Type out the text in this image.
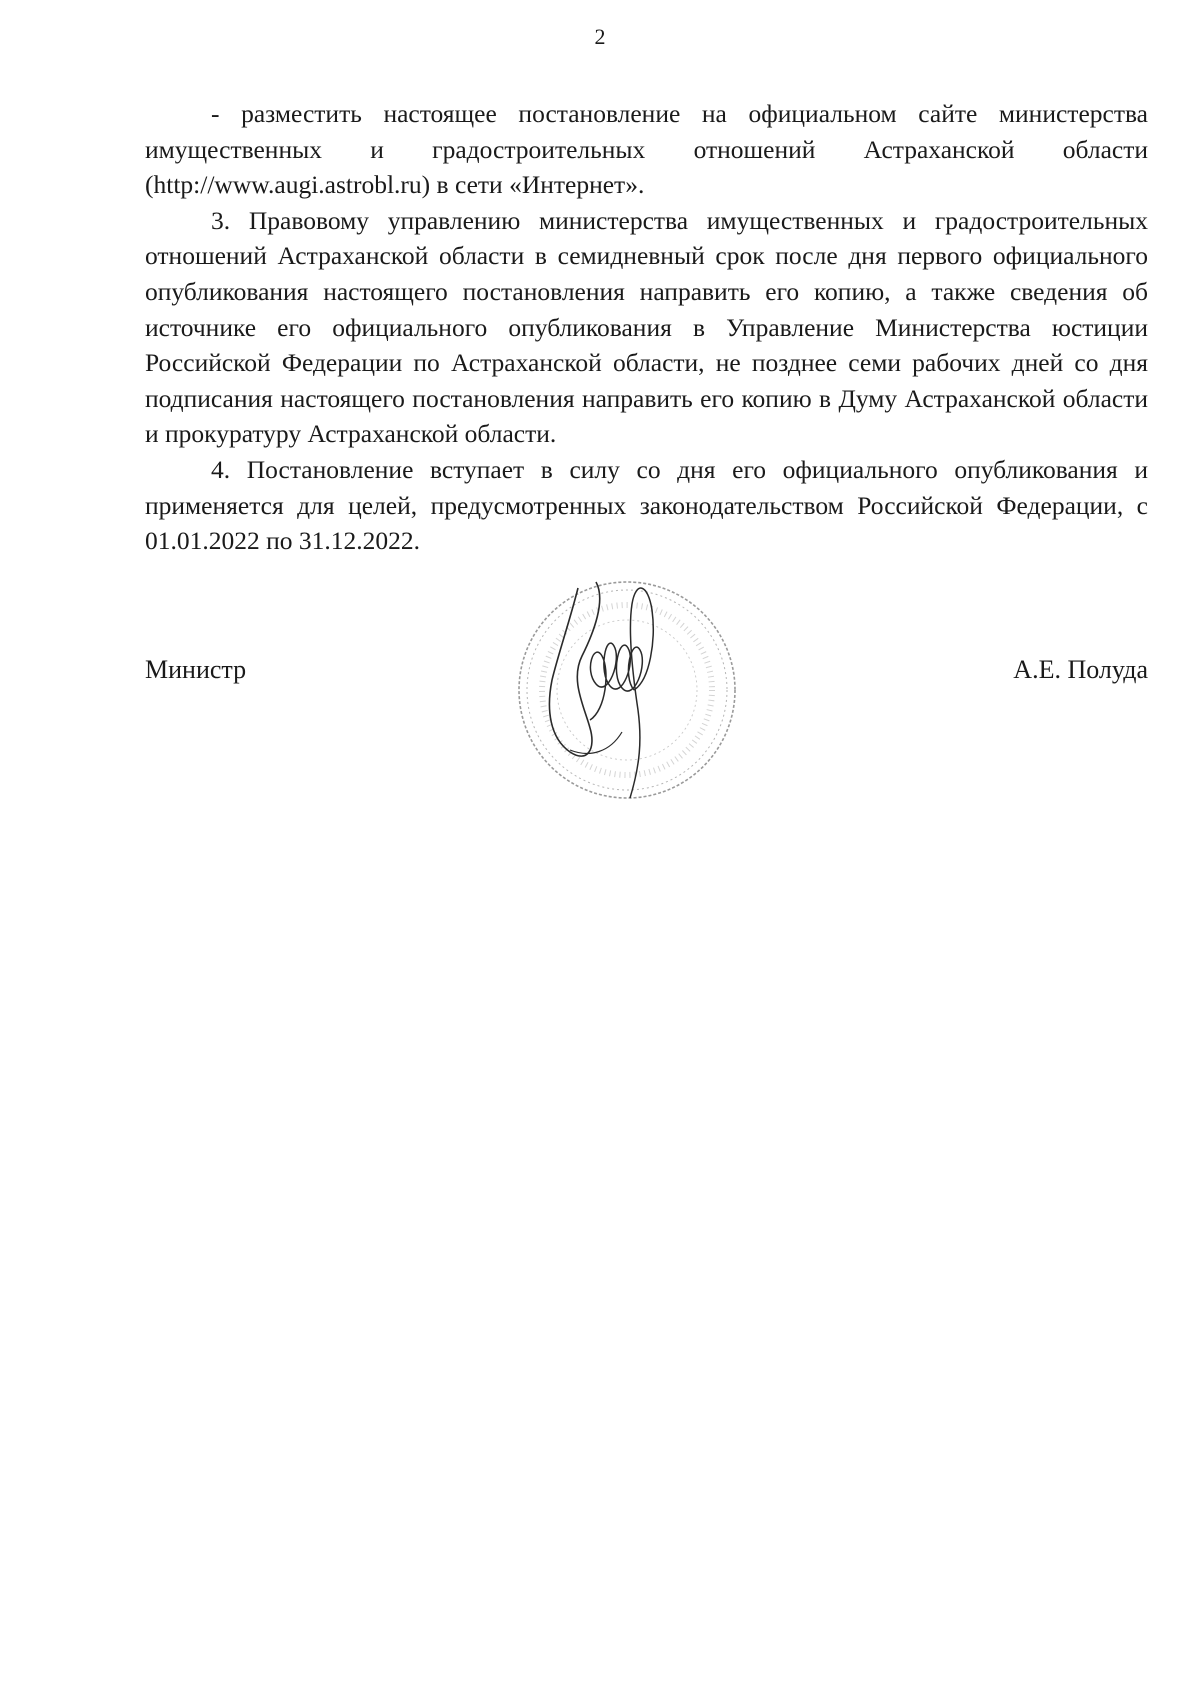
2

- разместить настоящее постановление на официальном сайте министерства имущественных и градостроительных отношений Астраханской области (http://www.augi.astrobl.ru) в сети «Интернет».

3. Правовому управлению министерства имущественных и градостроительных отношений Астраханской области в семидневный срок после дня первого официального опубликования настоящего постановления направить его копию, а также сведения об источнике его официального опубликования в Управление Министерства юстиции Российской Федерации по Астраханской области, не позднее семи рабочих дней со дня подписания настоящего постановления направить его копию в Думу Астраханской области и прокуратуру Астраханской области.

4. Постановление вступает в силу со дня его официального опубликования и применяется для целей, предусмотренных законодательством Российской Федерации, с 01.01.2022 по 31.12.2022.

Министр	А.Е. Полуда
